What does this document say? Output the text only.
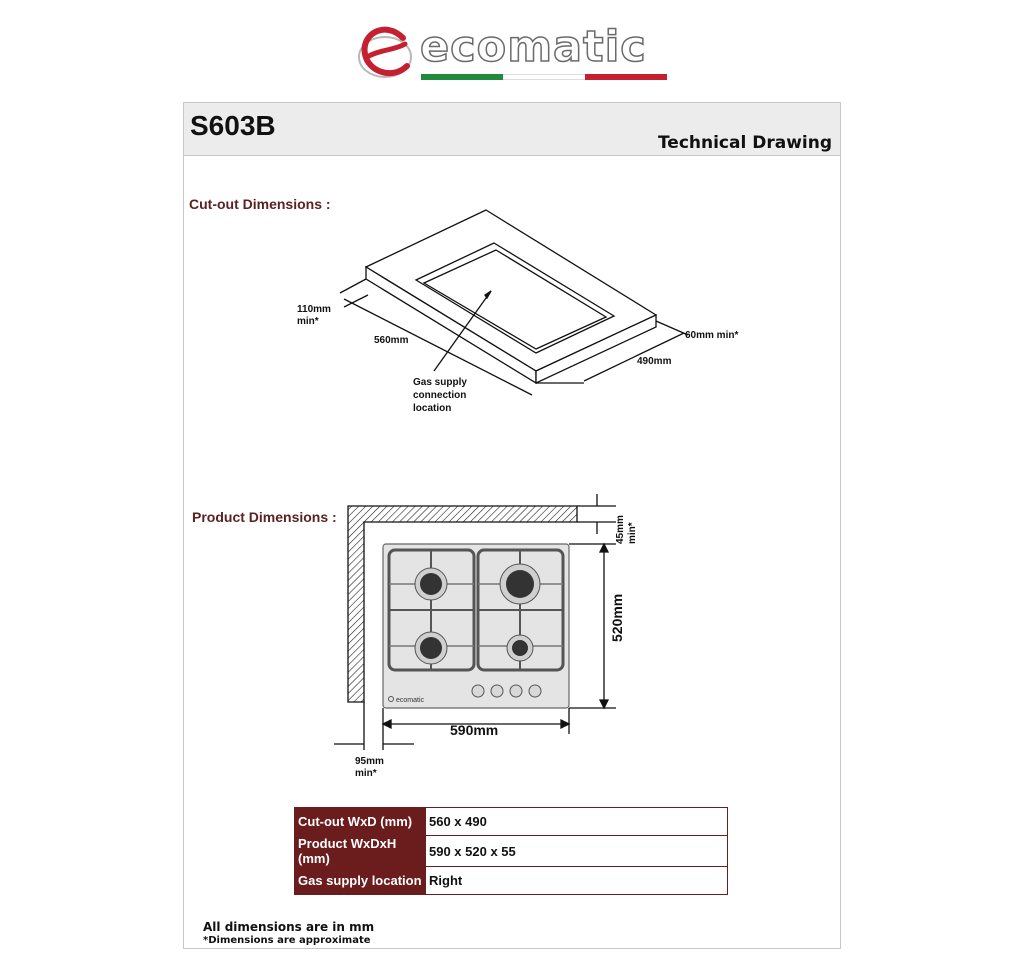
ecomatic
S603B
Technical Drawing
Cut-out Dimensions :
110mm
min*
560mm	60mm min*
490mm
Gas supply
connection
location
Product Dimensions :
ecomatic
45mm
min*
520mm
590mm
95mm
min*
Cut-out WxD (mm)	560 x 490
Product WxDxH (mm)	590 x 520 x 55
Gas supply location	Right
All dimensions are in mm
*Dimensions are approximate
